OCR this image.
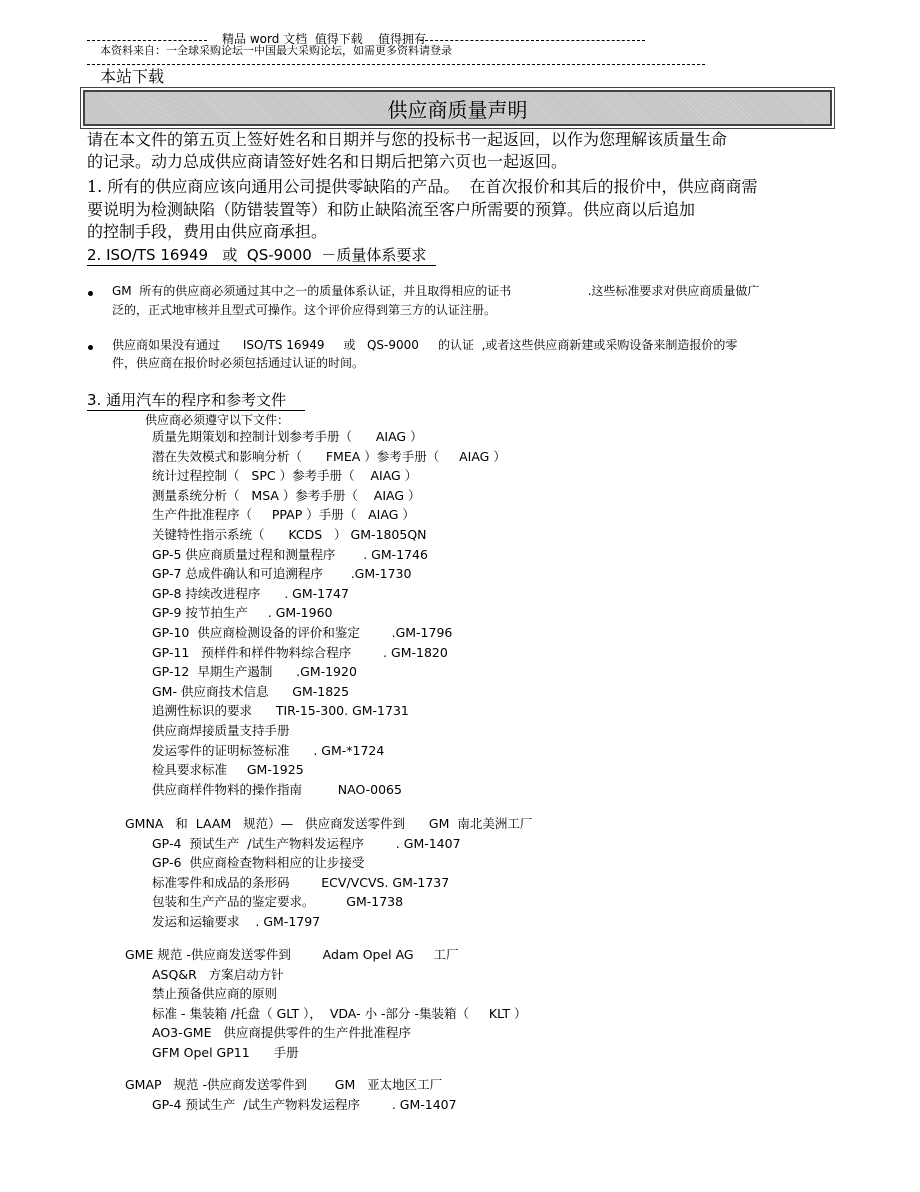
精品 word 文档  值得下载    值得拥有
本资料来自：一全球采购论坛一中国最大采购论坛，如需更多资料请登录
本站下载
供应商质量声明
请在本文件的第五页上签好姓名和日期并与您的投标书一起返回，以作为您理解该质量生命
的记录。动力总成供应商请签好姓名和日期后把第六页也一起返回。
1. 所有的供应商应该向通用公司提供零缺陷的产品。  在首次报价和其后的报价中，供应商商需
要说明为检测缺陷（防错装置等）和防止缺陷流至客户所需要的预算。供应商以后追加
的控制手段，费用由供应商承担。
2. ISO/TS 16949   或  QS-9000  －质量体系要求
GM  所有的供应商必须通过其中之一的质量体系认证，并且取得相应的证书                    .这些标准要求对供应商质量做广
泛的，正式地审核并且型式可操作。这个评价应得到第三方的认证注册。
供应商如果没有通过      ISO/TS 16949     或   QS-9000     的认证  ,或者这些供应商新建或采购设备来制造报价的零
件，供应商在报价时必须包括通过认证的时间。
3. 通用汽车的程序和参考文件
供应商必须遵守以下文件：
质量先期策划和控制计划参考手册（      AIAG ）
潜在失效模式和影响分析（      FMEA ）参考手册（     AIAG ）
统计过程控制（   SPC ）参考手册（    AIAG ）
测量系统分析（   MSA ）参考手册（    AIAG ）
生产件批准程序（     PPAP ）手册（   AIAG ）
关键特性指示系统（      KCDS   ） GM-1805QN
GP-5 供应商质量过程和测量程序       . GM-1746
GP-7 总成件确认和可追溯程序       .GM-1730
GP-8 持续改进程序      . GM-1747
GP-9 按节拍生产     . GM-1960
GP-10  供应商检测设备的评价和鉴定        .GM-1796
GP-11   预样件和样件物料综合程序        . GM-1820
GP-12  早期生产遏制      .GM-1920
GM- 供应商技术信息      GM-1825
追溯性标识的要求      TIR-15-300. GM-1731
供应商焊接质量支持手册
发运零件的证明标签标准      . GM-*1724
检具要求标准     GM-1925
供应商样件物料的操作指南         NAO-0065
GMNA   和  LAAM   规范）—   供应商发送零件到      GM  南北美洲工厂
GP-4  预试生产  /试生产物料发运程序        . GM-1407
GP-6  供应商检查物料相应的让步接受
标准零件和成品的条形码        ECV/VCVS. GM-1737
包装和生产产品的鉴定要求。        GM-1738
发运和运输要求    . GM-1797
GME 规范 -供应商发送零件到        Adam Opel AG     工厂
ASQ&R   方案启动方针
禁止预备供应商的原则
标准 - 集装箱 /托盘（ GLT ），  VDA- 小 -部分 -集装箱（     KLT ）
AO3-GME   供应商提供零件的生产件批准程序
GFM Opel GP11      手册
GMAP   规范 -供应商发送零件到       GM   亚太地区工厂
GP-4 预试生产  /试生产物料发运程序        . GM-1407
